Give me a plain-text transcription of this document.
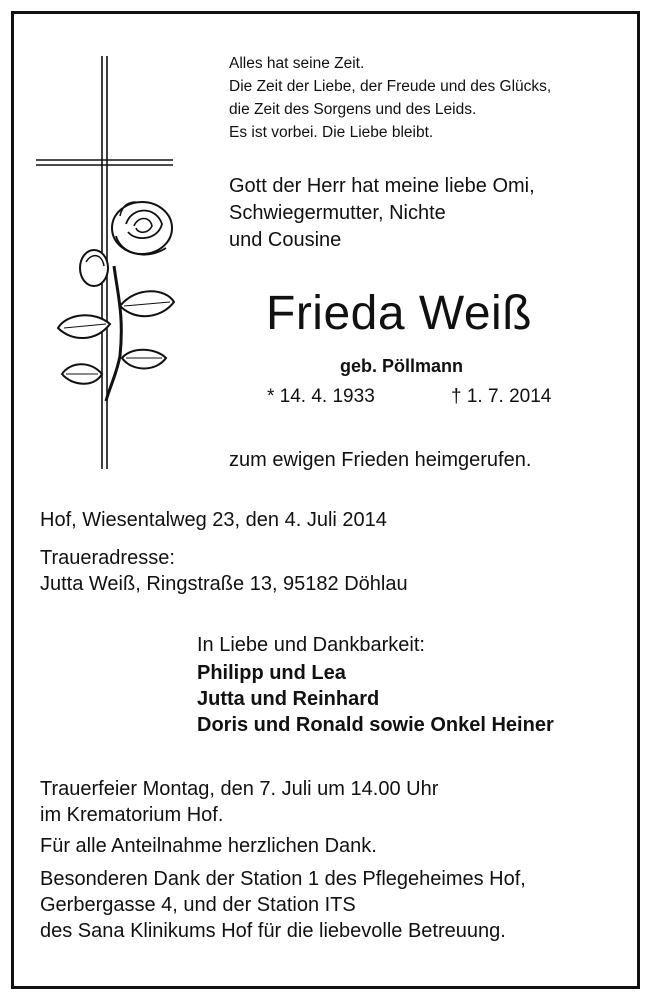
Alles hat seine Zeit.
Die Zeit der Liebe, der Freude und des Glücks,
die Zeit des Sorgens und des Leids.
Es ist vorbei. Die Liebe bleibt.
Gott der Herr hat meine liebe Omi,
Schwiegermutter, Nichte
und Cousine
Frieda Weiß
geb. Pöllmann
* 14. 4. 1933	† 1. 7. 2014
zum ewigen Frieden heimgerufen.
Hof, Wiesentalweg 23, den 4. Juli 2014
Traueradresse:
Jutta Weiß, Ringstraße 13, 95182 Döhlau
In Liebe und Dankbarkeit:
Philipp und Lea
Jutta und Reinhard
Doris und Ronald sowie Onkel Heiner
Trauerfeier Montag, den 7. Juli um 14.00 Uhr
im Krematorium Hof.
Für alle Anteilnahme herzlichen Dank.
Besonderen Dank der Station 1 des Pflegeheimes Hof,
Gerbergasse 4, und der Station ITS
des Sana Klinikums Hof für die liebevolle Betreuung.
